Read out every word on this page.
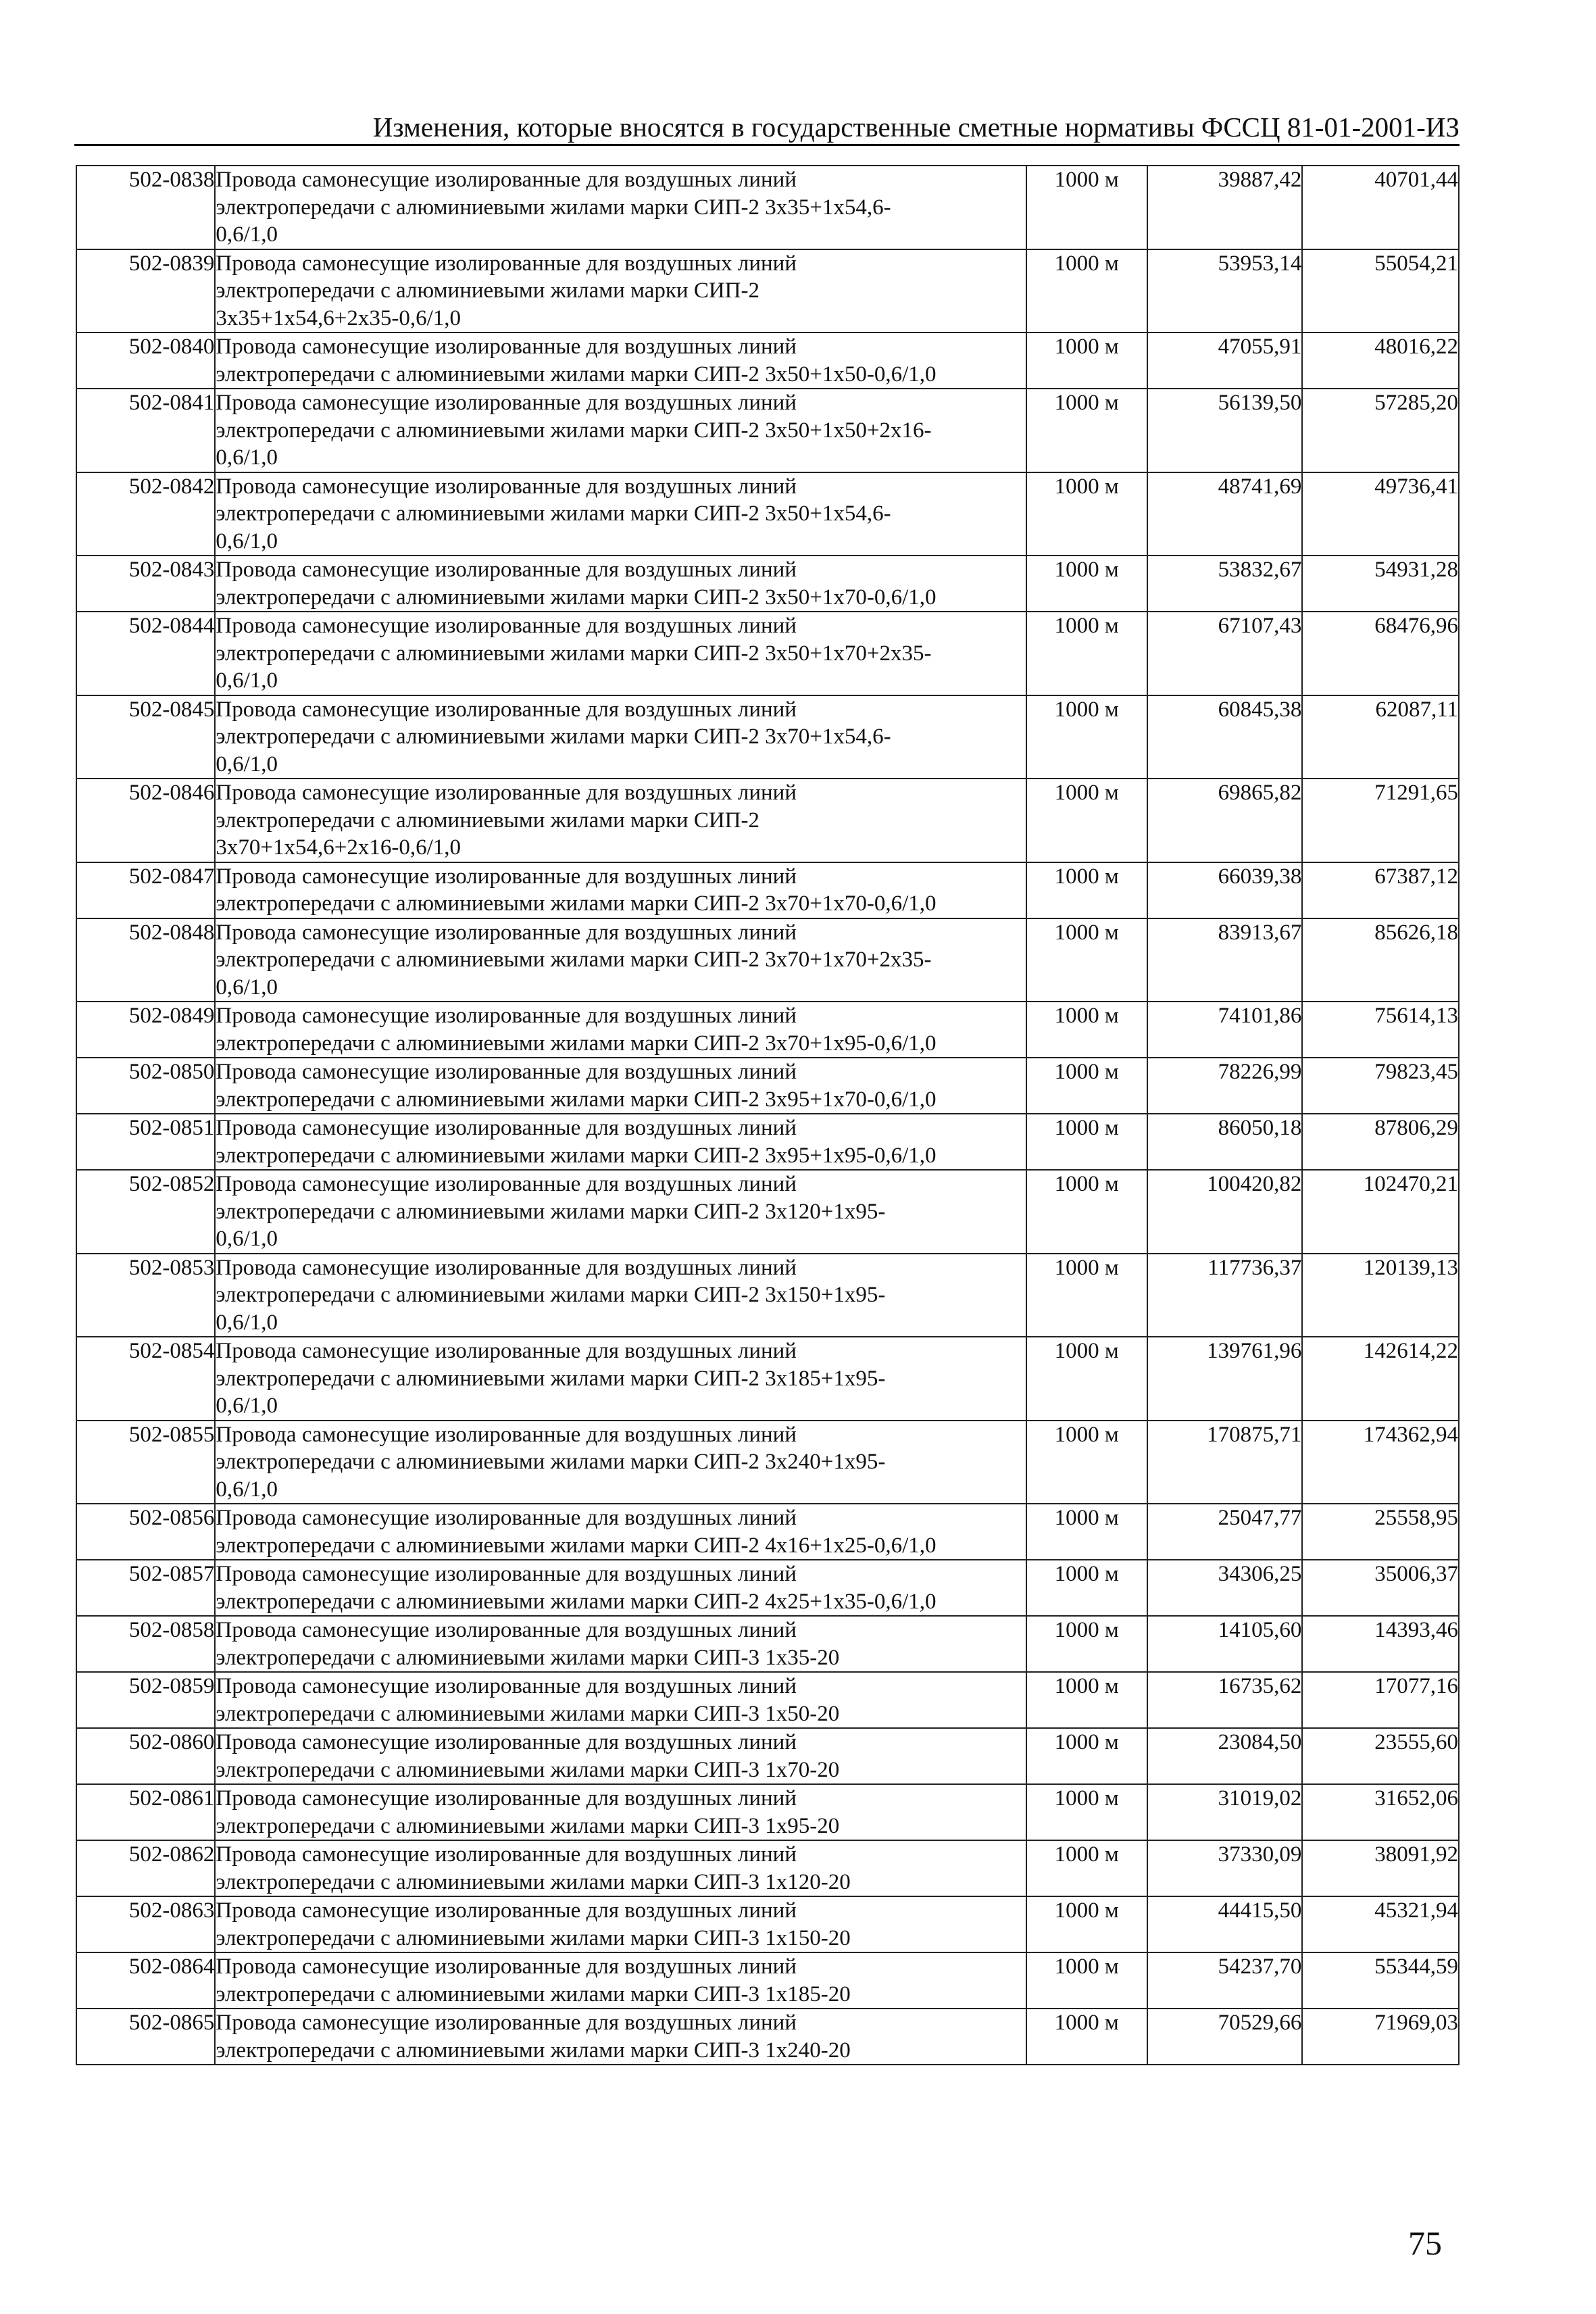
Изменения, которые вносятся в государственные сметные нормативы ФССЦ 81-01-2001-ИЗ
502-0838	Провода самонесущие изолированные для воздушных линий
электропередачи с алюминиевыми жилами марки СИП-2 3х35+1х54,6-
0,6/1,0	1000 м	39887,42	40701,44
502-0839	Провода самонесущие изолированные для воздушных линий
электропередачи с алюминиевыми жилами марки СИП-2
3х35+1х54,6+2х35-0,6/1,0	1000 м	53953,14	55054,21
502-0840	Провода самонесущие изолированные для воздушных линий
электропередачи с алюминиевыми жилами марки СИП-2 3х50+1х50-0,6/1,0	1000 м	47055,91	48016,22
502-0841	Провода самонесущие изолированные для воздушных линий
электропередачи с алюминиевыми жилами марки СИП-2 3х50+1х50+2х16-
0,6/1,0	1000 м	56139,50	57285,20
502-0842	Провода самонесущие изолированные для воздушных линий
электропередачи с алюминиевыми жилами марки СИП-2 3х50+1х54,6-
0,6/1,0	1000 м	48741,69	49736,41
502-0843	Провода самонесущие изолированные для воздушных линий
электропередачи с алюминиевыми жилами марки СИП-2 3х50+1х70-0,6/1,0	1000 м	53832,67	54931,28
502-0844	Провода самонесущие изолированные для воздушных линий
электропередачи с алюминиевыми жилами марки СИП-2 3х50+1х70+2х35-
0,6/1,0	1000 м	67107,43	68476,96
502-0845	Провода самонесущие изолированные для воздушных линий
электропередачи с алюминиевыми жилами марки СИП-2 3х70+1х54,6-
0,6/1,0	1000 м	60845,38	62087,11
502-0846	Провода самонесущие изолированные для воздушных линий
электропередачи с алюминиевыми жилами марки СИП-2
3х70+1х54,6+2х16-0,6/1,0	1000 м	69865,82	71291,65
502-0847	Провода самонесущие изолированные для воздушных линий
электропередачи с алюминиевыми жилами марки СИП-2 3х70+1х70-0,6/1,0	1000 м	66039,38	67387,12
502-0848	Провода самонесущие изолированные для воздушных линий
электропередачи с алюминиевыми жилами марки СИП-2 3х70+1х70+2х35-
0,6/1,0	1000 м	83913,67	85626,18
502-0849	Провода самонесущие изолированные для воздушных линий
электропередачи с алюминиевыми жилами марки СИП-2 3х70+1х95-0,6/1,0	1000 м	74101,86	75614,13
502-0850	Провода самонесущие изолированные для воздушных линий
электропередачи с алюминиевыми жилами марки СИП-2 3х95+1х70-0,6/1,0	1000 м	78226,99	79823,45
502-0851	Провода самонесущие изолированные для воздушных линий
электропередачи с алюминиевыми жилами марки СИП-2 3х95+1х95-0,6/1,0	1000 м	86050,18	87806,29
502-0852	Провода самонесущие изолированные для воздушных линий
электропередачи с алюминиевыми жилами марки СИП-2 3х120+1х95-
0,6/1,0	1000 м	100420,82	102470,21
502-0853	Провода самонесущие изолированные для воздушных линий
электропередачи с алюминиевыми жилами марки СИП-2 3х150+1х95-
0,6/1,0	1000 м	117736,37	120139,13
502-0854	Провода самонесущие изолированные для воздушных линий
электропередачи с алюминиевыми жилами марки СИП-2 3х185+1х95-
0,6/1,0	1000 м	139761,96	142614,22
502-0855	Провода самонесущие изолированные для воздушных линий
электропередачи с алюминиевыми жилами марки СИП-2 3х240+1х95-
0,6/1,0	1000 м	170875,71	174362,94
502-0856	Провода самонесущие изолированные для воздушных линий
электропередачи с алюминиевыми жилами марки СИП-2 4х16+1х25-0,6/1,0	1000 м	25047,77	25558,95
502-0857	Провода самонесущие изолированные для воздушных линий
электропередачи с алюминиевыми жилами марки СИП-2 4х25+1х35-0,6/1,0	1000 м	34306,25	35006,37
502-0858	Провода самонесущие изолированные для воздушных линий
электропередачи с алюминиевыми жилами марки СИП-3 1х35-20	1000 м	14105,60	14393,46
502-0859	Провода самонесущие изолированные для воздушных линий
электропередачи с алюминиевыми жилами марки СИП-3 1х50-20	1000 м	16735,62	17077,16
502-0860	Провода самонесущие изолированные для воздушных линий
электропередачи с алюминиевыми жилами марки СИП-3 1х70-20	1000 м	23084,50	23555,60
502-0861	Провода самонесущие изолированные для воздушных линий
электропередачи с алюминиевыми жилами марки СИП-3 1х95-20	1000 м	31019,02	31652,06
502-0862	Провода самонесущие изолированные для воздушных линий
электропередачи с алюминиевыми жилами марки СИП-3 1х120-20	1000 м	37330,09	38091,92
502-0863	Провода самонесущие изолированные для воздушных линий
электропередачи с алюминиевыми жилами марки СИП-3 1х150-20	1000 м	44415,50	45321,94
502-0864	Провода самонесущие изолированные для воздушных линий
электропередачи с алюминиевыми жилами марки СИП-3 1х185-20	1000 м	54237,70	55344,59
502-0865	Провода самонесущие изолированные для воздушных линий
электропередачи с алюминиевыми жилами марки СИП-3 1х240-20	1000 м	70529,66	71969,03
75
